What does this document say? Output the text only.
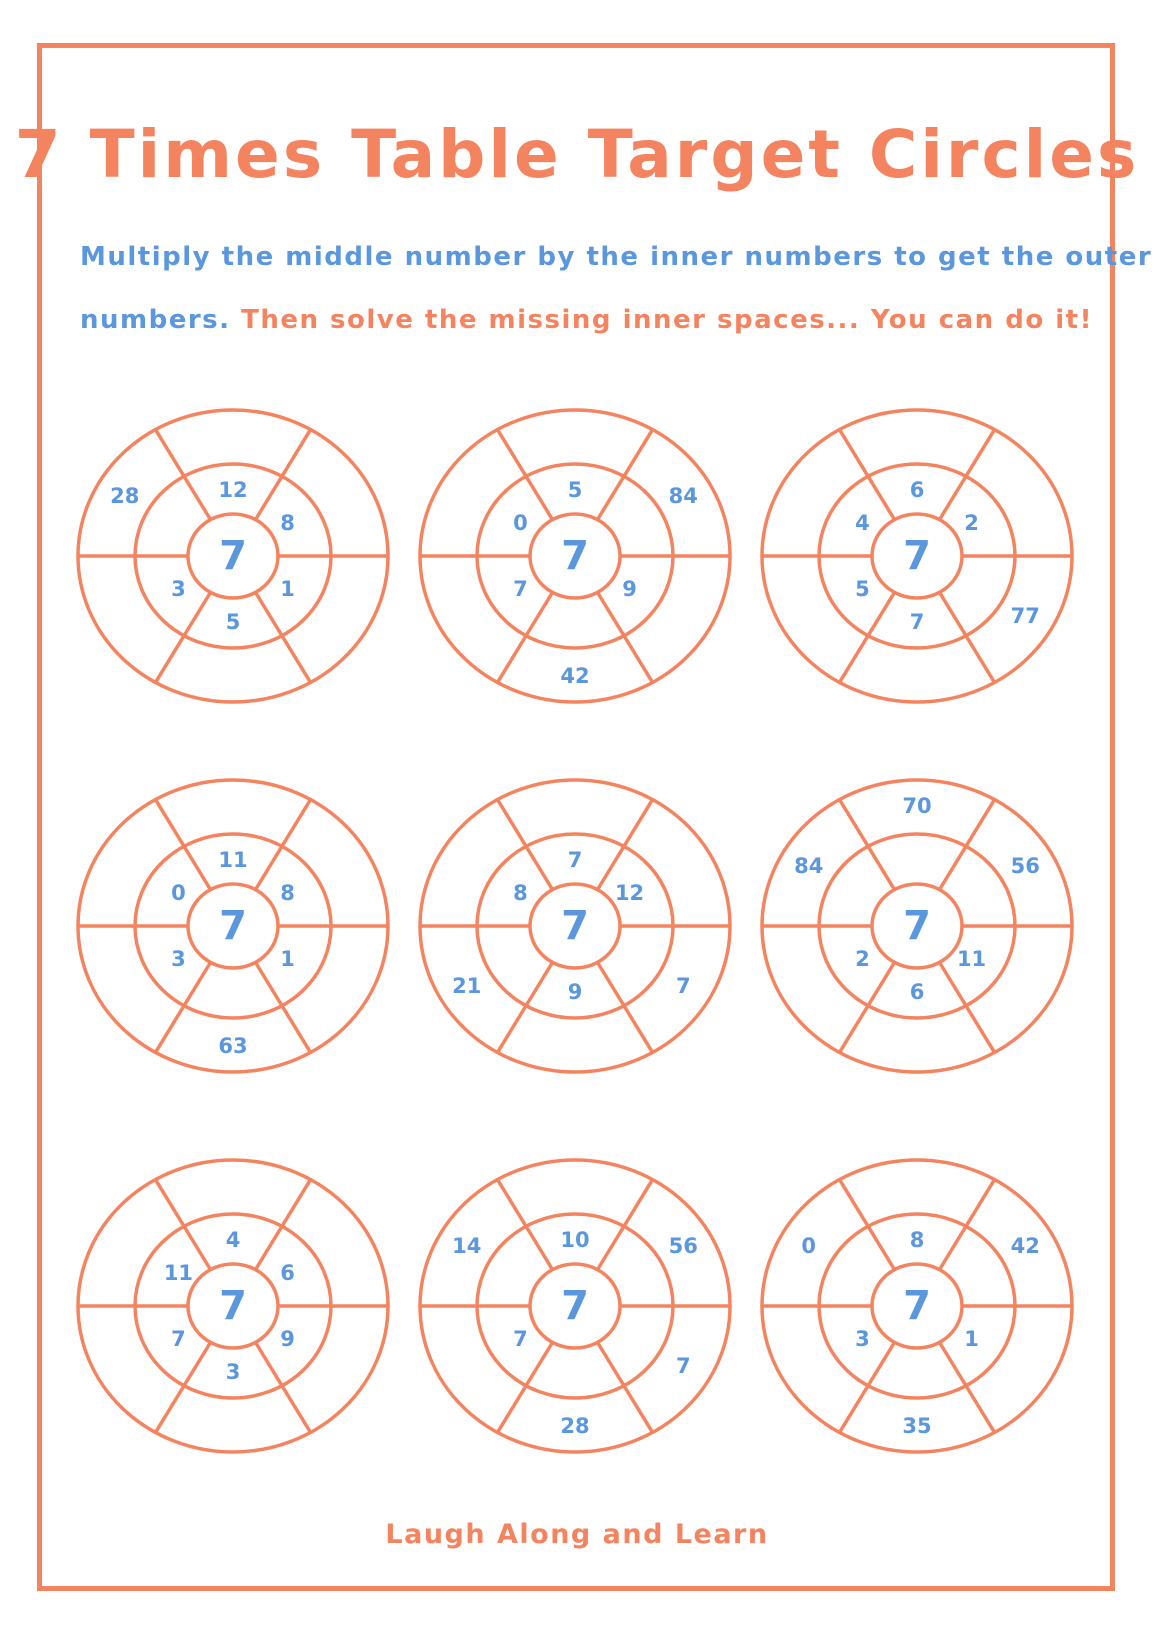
7 Times Table Target Circles

Multiply the middle number by the inner numbers to get the outer

numbers. Then solve the missing inner spaces... You can do it!

7
12
8
1
5
3
28
7
5	84
9
42
7
0
7
6
2
77
7
5
4
7
11
8
1
63
3
0
7
7
12
7
9
21
8
7
70
56
11
6
2
84
7
4
6
9
3
7
11
7
10	56
7
28
7
14
7
8	42
1
35
3
0

Laugh Along and Learn
